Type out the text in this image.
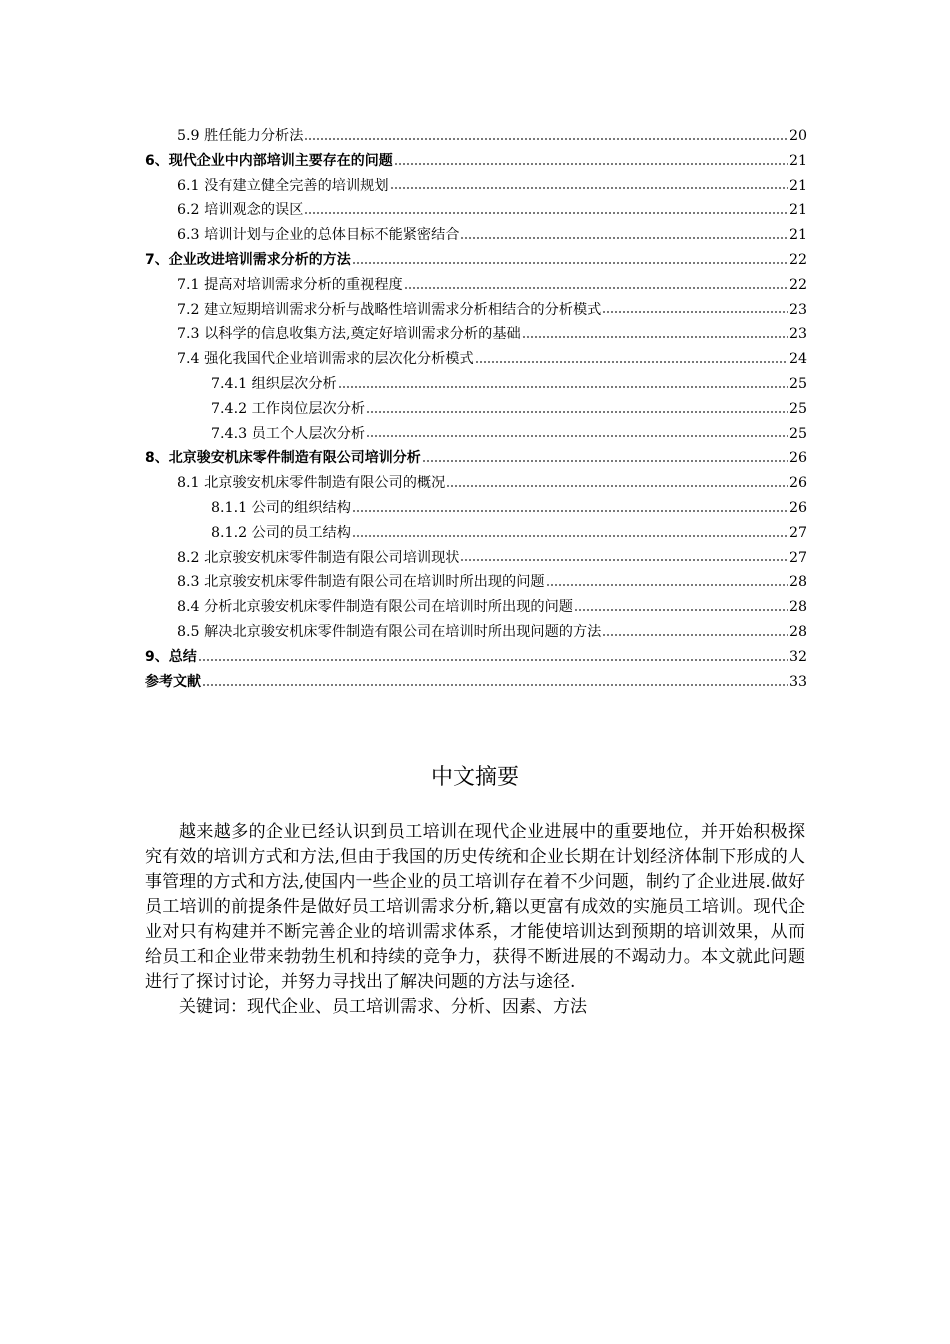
5.9 胜任能力分析法	20
6、现代企业中内部培训主要存在的问题	21
6.1 没有建立健全完善的培训规划	21
6.2 培训观念的误区	21
6.3 培训计划与企业的总体目标不能紧密结合	21
7、企业改进培训需求分析的方法	22
7.1 提高对培训需求分析的重视程度	22
7.2 建立短期培训需求分析与战略性培训需求分析相结合的分析模式	23
7.3 以科学的信息收集方法,奠定好培训需求分析的基础	23
7.4 强化我国代企业培训需求的层次化分析模式	24
7.4.1 组织层次分析	25
7.4.2 工作岗位层次分析	25
7.4.3 员工个人层次分析	25
8、北京骏安机床零件制造有限公司培训分析	26
8.1 北京骏安机床零件制造有限公司的概况	26
8.1.1 公司的组织结构	26
8.1.2 公司的员工结构	27
8.2 北京骏安机床零件制造有限公司培训现状	27
8.3 北京骏安机床零件制造有限公司在培训时所出现的问题	28
8.4 分析北京骏安机床零件制造有限公司在培训时所出现的问题	28
8.5 解决北京骏安机床零件制造有限公司在培训时所出现问题的方法	28
9、总结	32
参考文献	33
中文摘要

越来越多的企业已经认识到员工培训在现代企业进展中的重要地位，并开始积极探究有效的培训方式和方法,但由于我国的历史传统和企业长期在计划经济体制下形成的人事管理的方式和方法,使国内一些企业的员工培训存在着不少问题，制约了企业进展.做好员工培训的前提条件是做好员工培训需求分析,籍以更富有成效的实施员工培训。现代企业对只有构建并不断完善企业的培训需求体系，才能使培训达到预期的培训效果，从而给员工和企业带来勃勃生机和持续的竞争力，获得不断进展的不竭动力。本文就此问题进行了探讨讨论，并努力寻找出了解决问题的方法与途径.

关键词：现代企业、员工培训需求、分析、因素、方法
